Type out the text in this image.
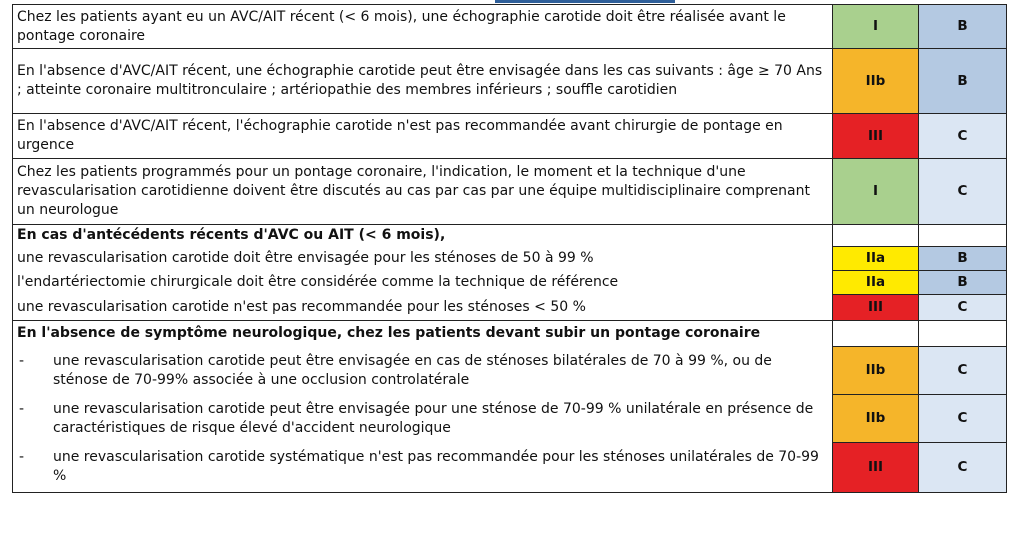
Chez les patients ayant eu un AVC/AIT récent (< 6 mois), une échographie carotide doit être réalisée avant le pontage coronaire	I	B
En l'absence d'AVC/AIT récent, une échographie carotide peut être envisagée dans les cas suivants : âge ≥ 70 Ans ; atteinte coronaire multitronculaire ; artériopathie des membres inférieurs ; souffle carotidien	IIb	B
En l'absence d'AVC/AIT récent, l'échographie carotide n'est pas recommandée avant chirurgie de pontage en urgence	III	C
Chez les patients programmés pour un pontage coronaire, l'indication, le moment et la technique d'une revascularisation carotidienne doivent être discutés au cas par cas par une équipe multidisciplinaire comprenant un neurologue	I	C
En cas d'antécédents récents d'AVC ou AIT (< 6 mois),		
une revascularisation carotide doit être envisagée pour les sténoses de 50 à 99 %	IIa	B
l'endartériectomie chirurgicale doit être considérée comme la technique de référence	IIa	B
une revascularisation carotide n'est pas recommandée pour les sténoses < 50 %	III	C
En l'absence de symptôme neurologique, chez les patients devant subir un pontage coronaire		

- une revascularisation carotide peut être envisagée en cas de sténoses bilatérales de 70 à 99 %, ou de sténose de 70-99% associée à une occlusion controlatérale	IIb	C

- une revascularisation carotide peut être envisagée pour une sténose de 70-99 % unilatérale en présence de caractéristiques de risque élevé d'accident neurologique	IIb	C

- une revascularisation carotide systématique n'est pas recommandée pour les sténoses unilatérales de 70-99 %	III	C
